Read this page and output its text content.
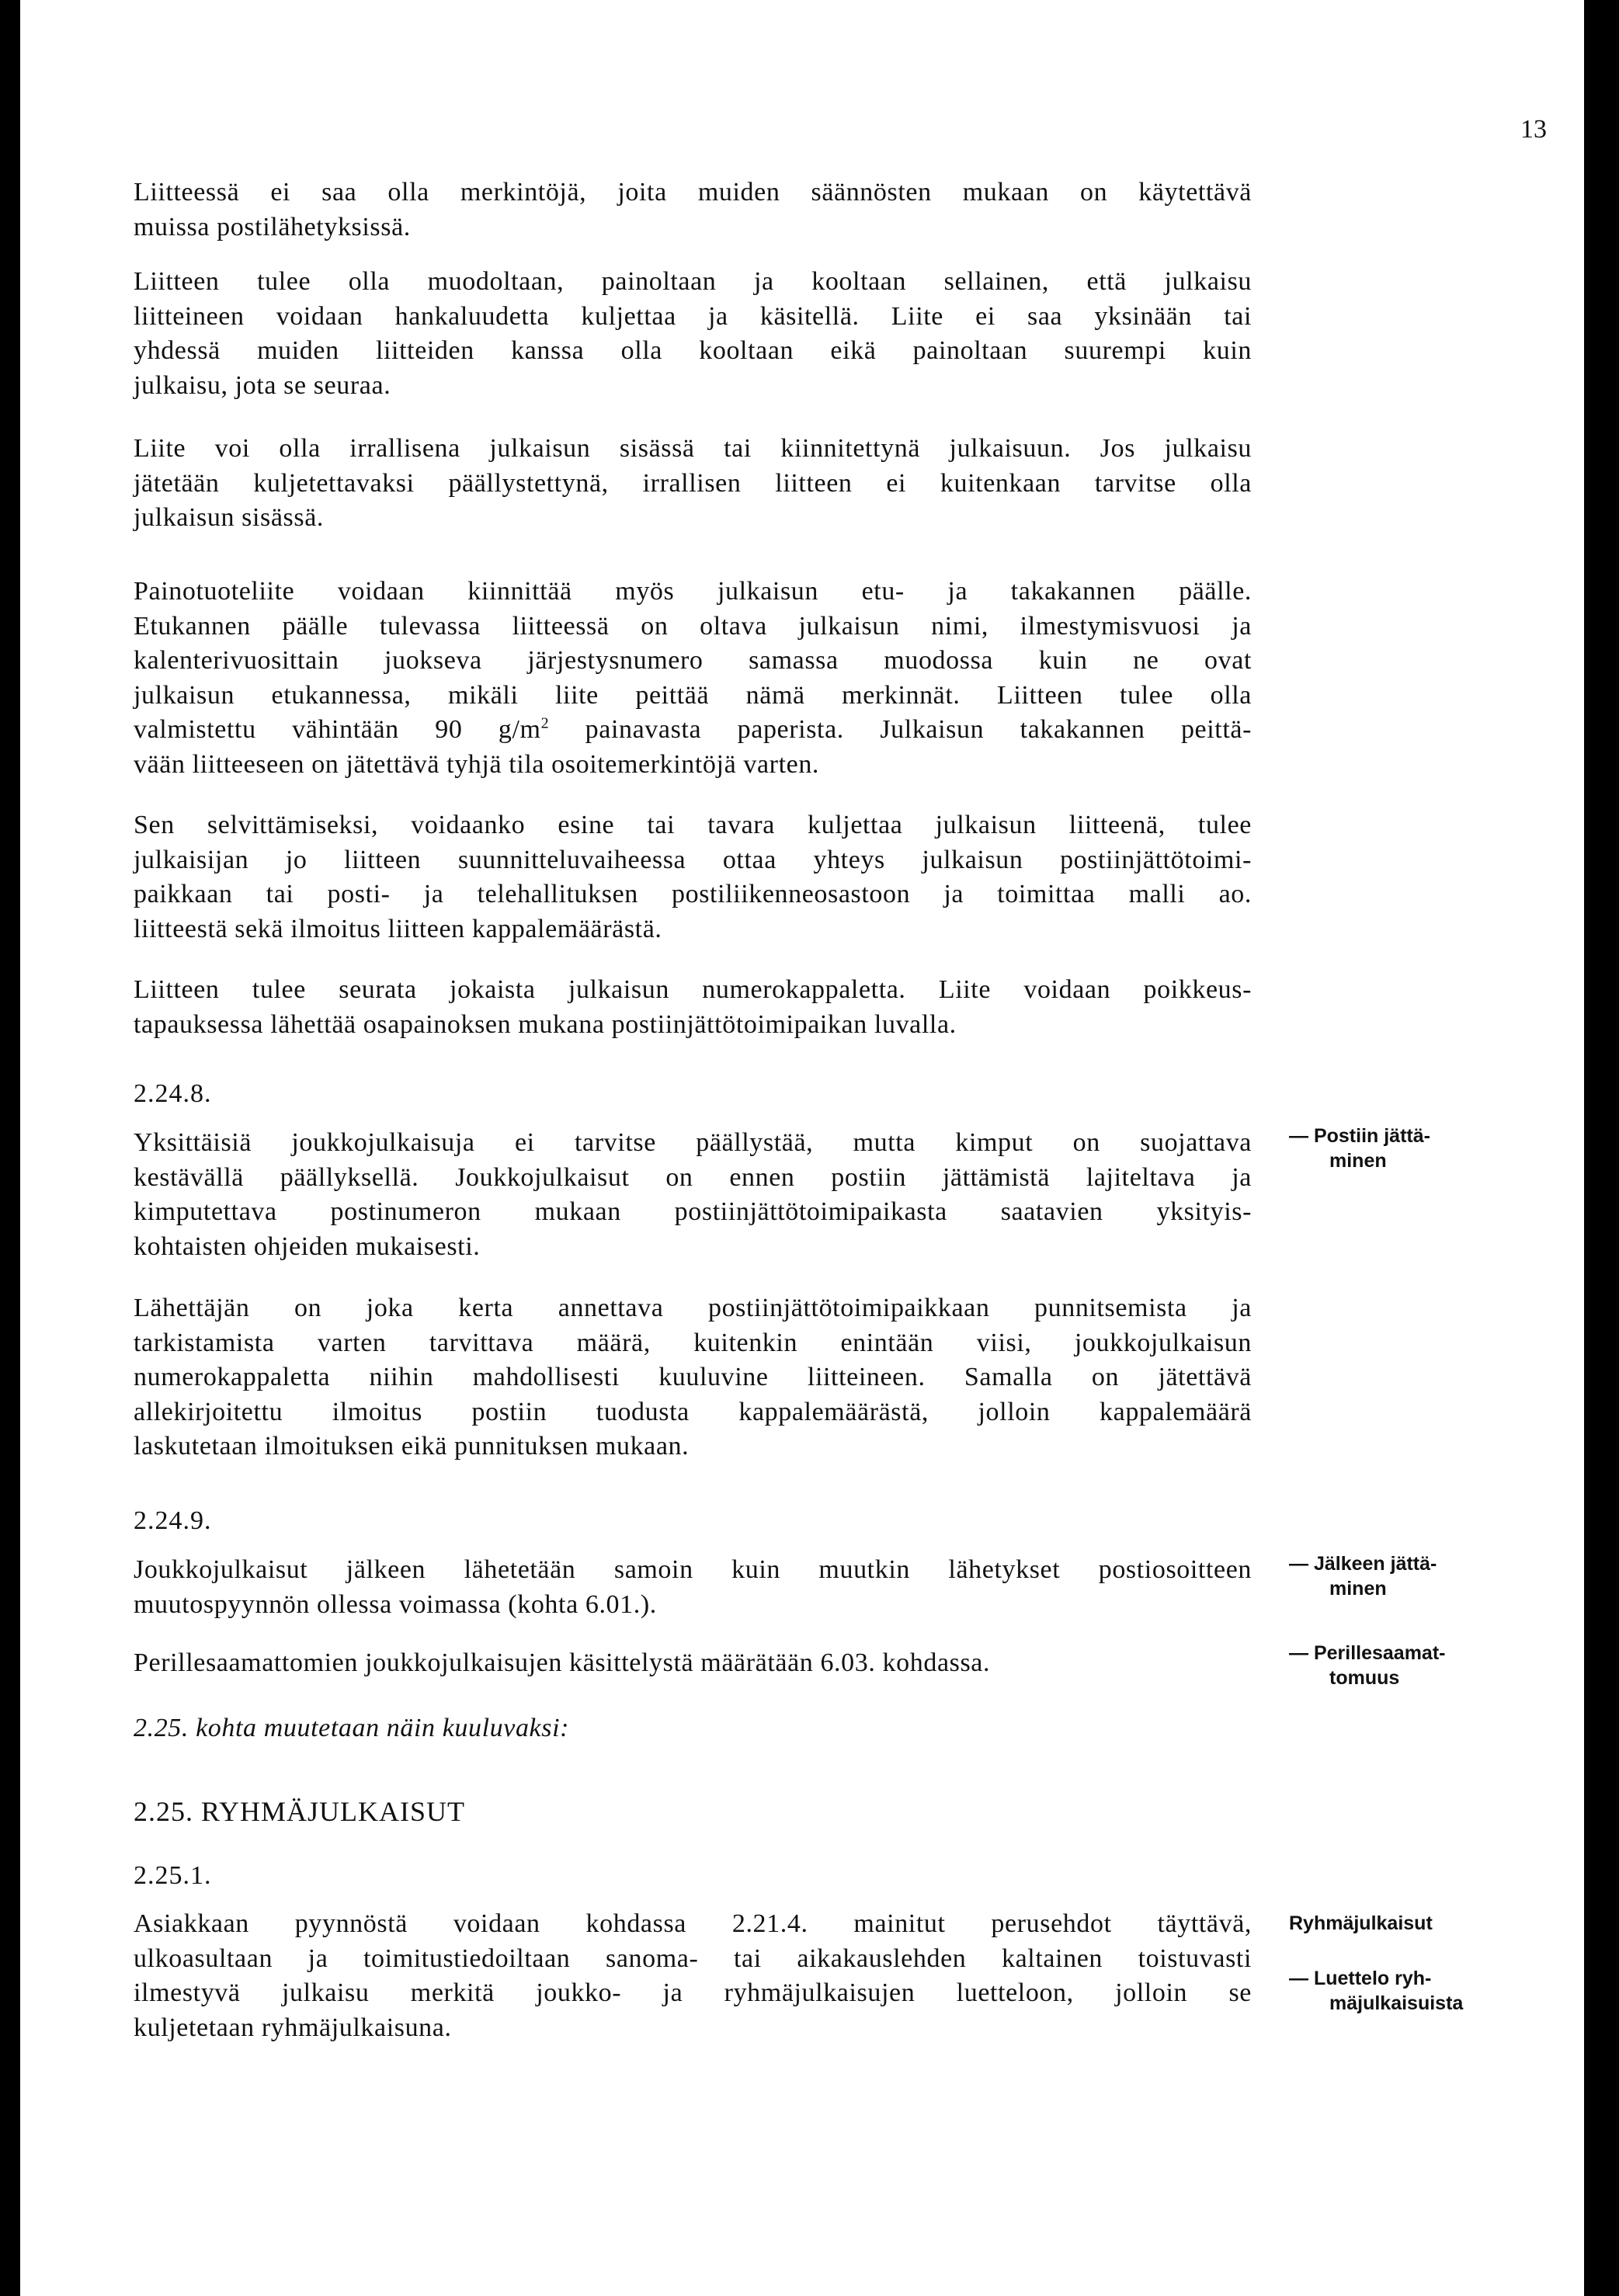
13
Liitteessä ei saa olla merkintöjä, joita muiden säännösten mukaan on käytettävä
muissa postilähetyksissä.
Liitteen tulee olla muodoltaan, painoltaan ja kooltaan sellainen, että julkaisu
liitteineen voidaan hankaluudetta kuljettaa ja käsitellä. Liite ei saa yksinään tai
yhdessä muiden liitteiden kanssa olla kooltaan eikä painoltaan suurempi kuin
julkaisu, jota se seuraa.
Liite voi olla irrallisena julkaisun sisässä tai kiinnitettynä julkaisuun. Jos julkaisu
jätetään kuljetettavaksi päällystettynä, irrallisen liitteen ei kuitenkaan tarvitse olla
julkaisun sisässä.
Painotuoteliite voidaan kiinnittää myös julkaisun etu- ja takakannen päälle.
Etukannen päälle tulevassa liitteessä on oltava julkaisun nimi, ilmestymisvuosi ja
kalenterivuosittain juokseva järjestysnumero samassa muodossa kuin ne ovat
julkaisun etukannessa, mikäli liite peittää nämä merkinnät. Liitteen tulee olla
valmistettu vähintään 90 $g/m^2$ painavasta paperista. Julkaisun takakannen peittä-
vään liitteeseen on jätettävä tyhjä tila osoitemerkintöjä varten.
Sen selvittämiseksi, voidaanko esine tai tavara kuljettaa julkaisun liitteenä, tulee
julkaisijan jo liitteen suunnitteluvaiheessa ottaa yhteys julkaisun postiinjättötoimi-
paikkaan tai posti- ja telehallituksen postiliikenneosastoon ja toimittaa malli ao.
liitteestä sekä ilmoitus liitteen kappalemäärästä.
Liitteen tulee seurata jokaista julkaisun numerokappaletta. Liite voidaan poikkeus-
tapauksessa lähettää osapainoksen mukana postiinjättötoimipaikan luvalla.
2.24.8.
Yksittäisiä joukkojulkaisuja ei tarvitse päällystää, mutta kimput on suojattava
kestävällä päällyksellä. Joukkojulkaisut on ennen postiin jättämistä lajiteltava ja
kimputettava postinumeron mukaan postiinjättötoimipaikasta saatavien yksityis-
kohtaisten ohjeiden mukaisesti.
Lähettäjän on joka kerta annettava postiinjättötoimipaikkaan punnitsemista ja
tarkistamista varten tarvittava määrä, kuitenkin enintään viisi, joukkojulkaisun
numerokappaletta niihin mahdollisesti kuuluvine liitteineen. Samalla on jätettävä
allekirjoitettu ilmoitus postiin tuodusta kappalemäärästä, jolloin kappalemäärä
laskutetaan ilmoituksen eikä punnituksen mukaan.
2.24.9.
Joukkojulkaisut jälkeen lähetetään samoin kuin muutkin lähetykset postiosoitteen
muutospyynnön ollessa voimassa (kohta 6.01.).
Perillesaamattomien joukkojulkaisujen käsittelystä määrätään 6.03. kohdassa.
2.25. kohta muutetaan näin kuuluvaksi:
2.25. RYHMÄJULKAISUT
2.25.1.
Asiakkaan pyynnöstä voidaan kohdassa 2.21.4. mainitut perusehdot täyttävä,
ulkoasultaan ja toimitustiedoiltaan sanoma- tai aikakauslehden kaltainen toistuvasti
ilmestyvä julkaisu merkitä joukko- ja ryhmäjulkaisujen luetteloon, jolloin se
kuljetetaan ryhmäjulkaisuna.
— Postiin jättä-
minen
— Jälkeen jättä-
minen
— Perillesaamat-
tomuus
Ryhmäjulkaisut
— Luettelo ryh-
mäjulkaisuista
